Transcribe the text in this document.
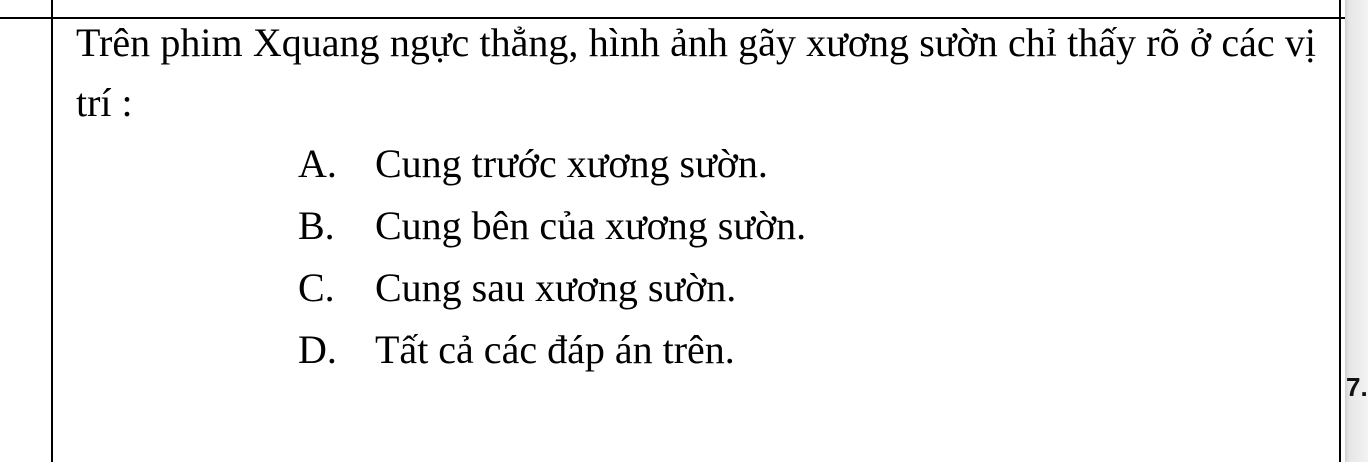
Trên phim Xquang ngực thẳng, hình ảnh gãy xương sườn chỉ thấy rõ ở các vị trí :
A. Cung trước xương sườn.
B. Cung bên của xương sườn.
C. Cung sau xương sườn.
D. Tất cả các đáp án trên.
7.
